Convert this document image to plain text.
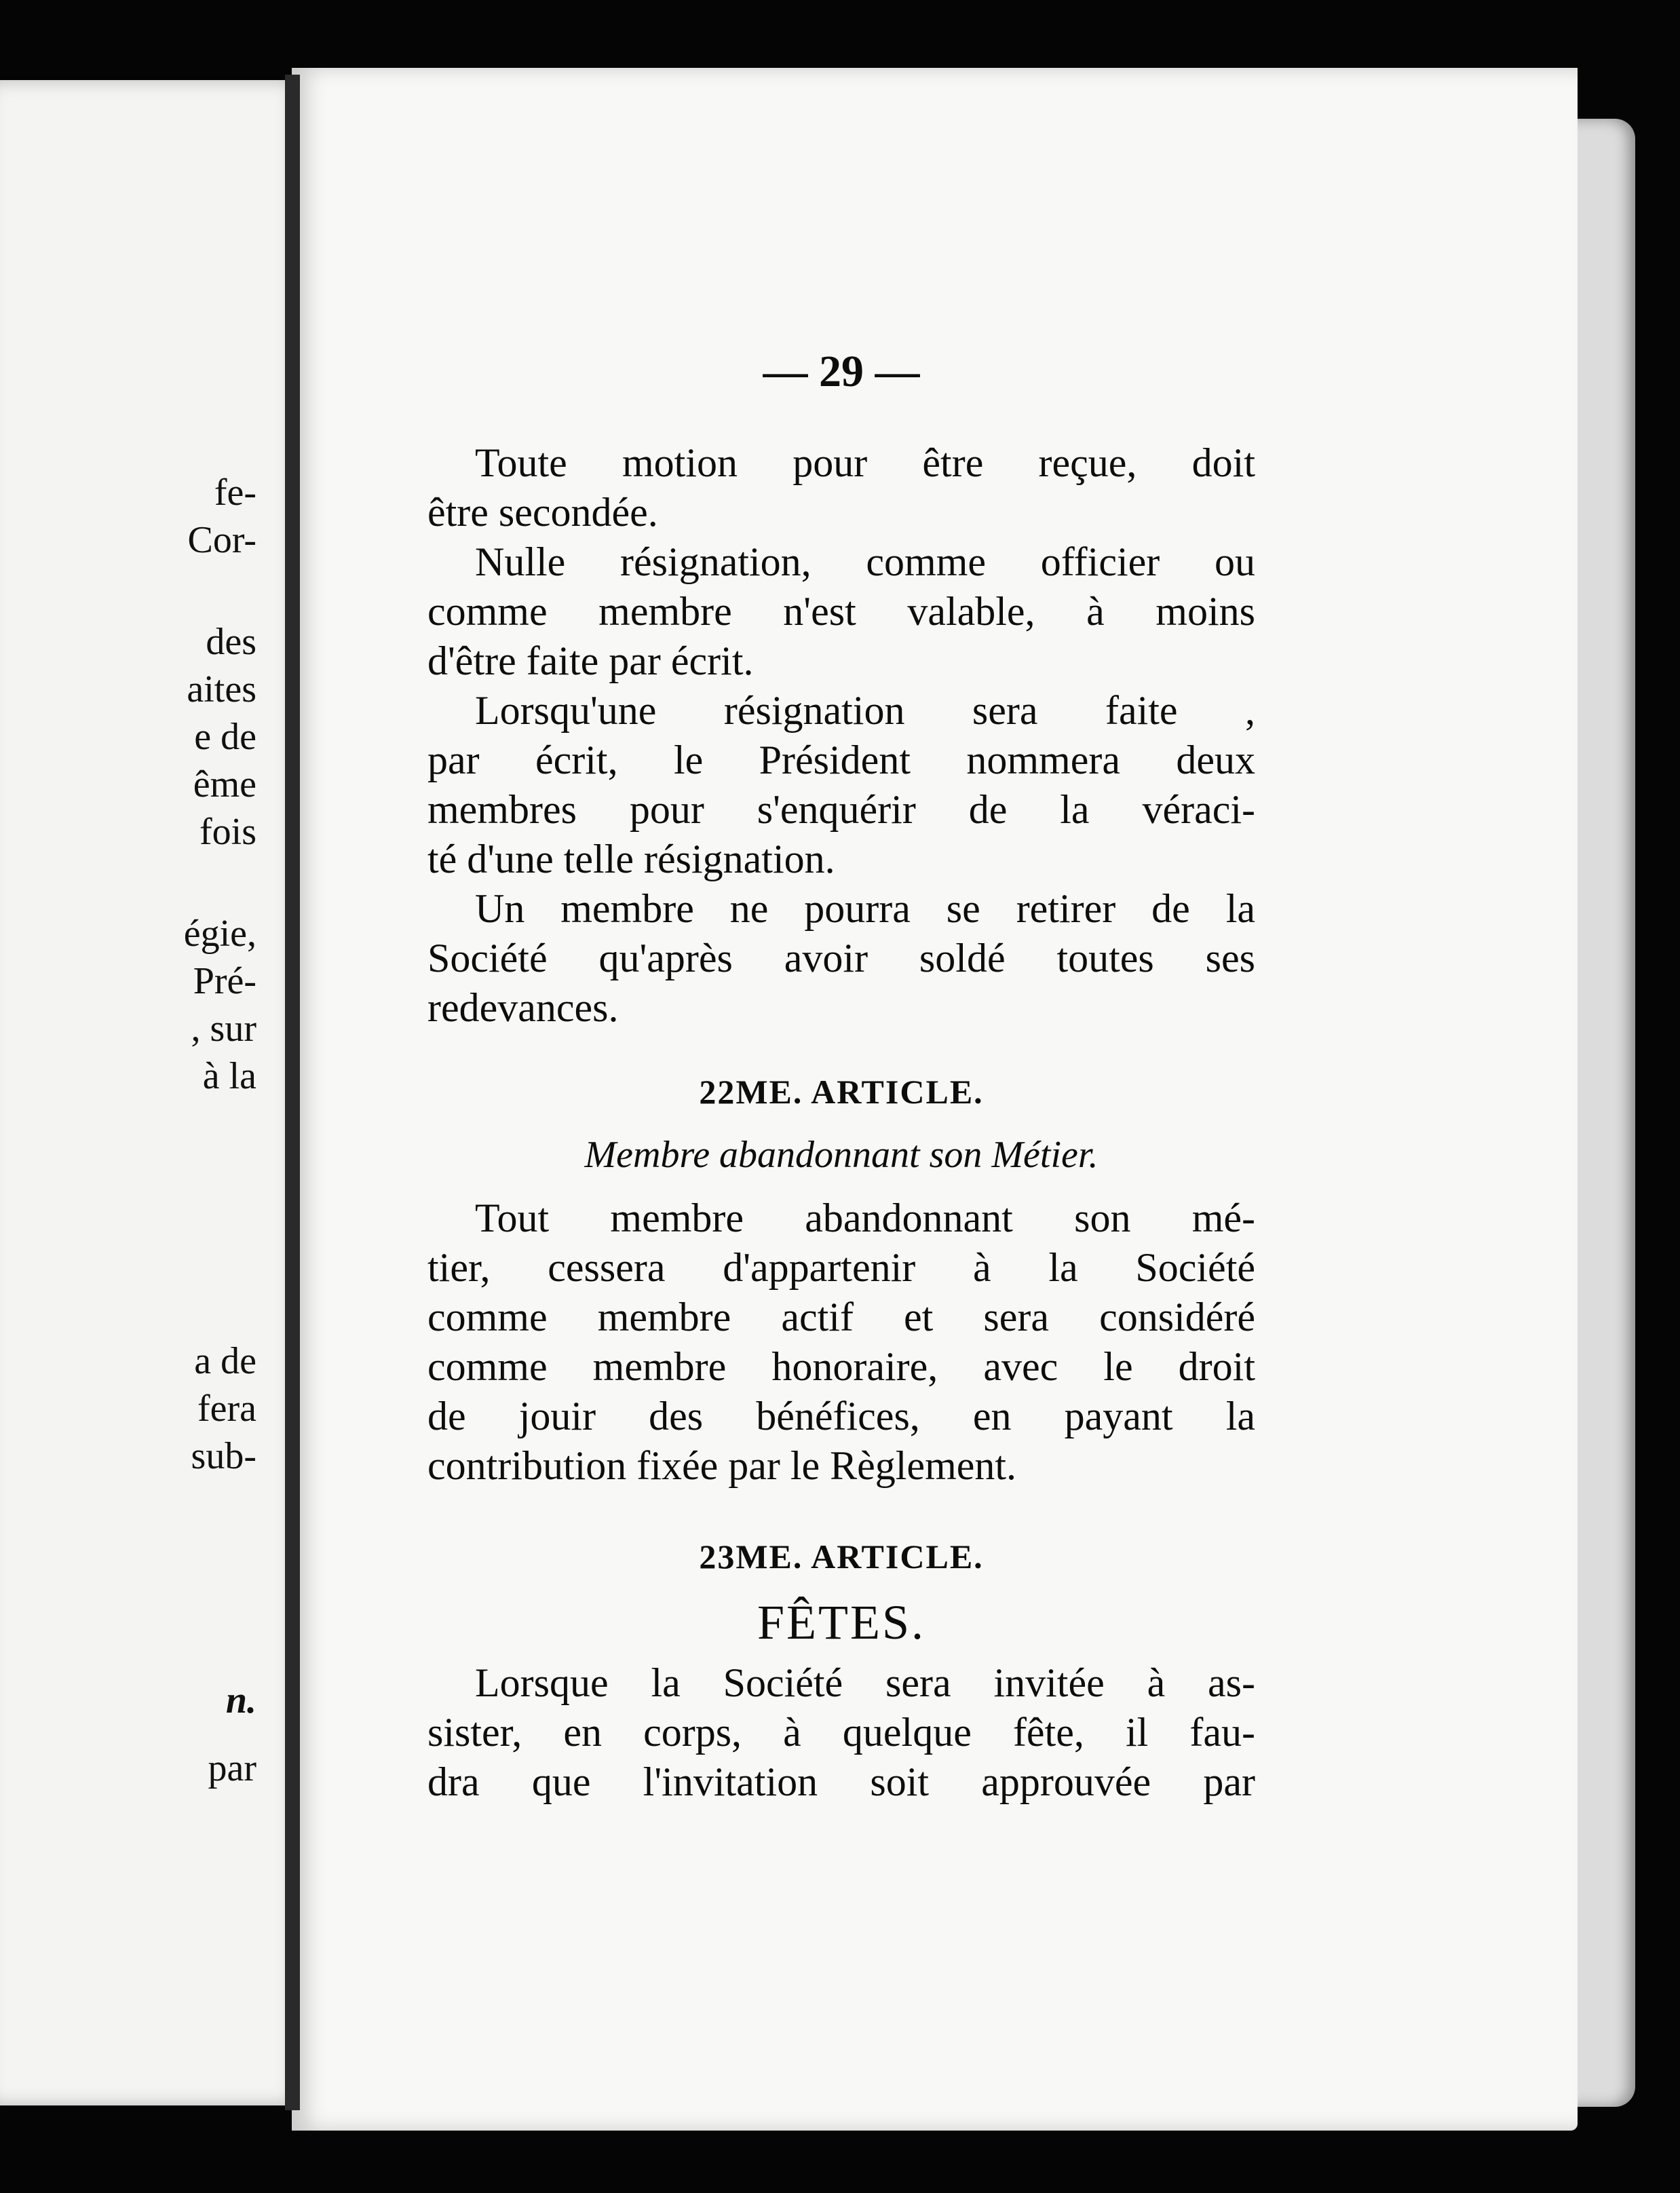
fe-
Cor-
des
aites
e de
ême
fois
égie,
Pré-
, sur
à la
a de
fera
sub-
n.
par
— 29 —
Toute motion pour être reçue, doit
être secondée.
Nulle résignation, comme officier ou
comme membre n'est valable, à moins
d'être faite par écrit.
Lorsqu'une résignation sera faite ,
par écrit, le Président nommera deux
membres pour s'enquérir de la véraci-
té d'une telle résignation.
Un membre ne pourra se retirer de la
Société qu'après avoir soldé toutes ses
redevances.
22ME. ARTICLE.
Membre abandonnant son Métier.
Tout membre abandonnant son mé-
tier, cessera d'appartenir à la Société
comme membre actif et sera considéré
comme membre honoraire, avec le droit
de jouir des bénéfices, en payant la
contribution fixée par le Règlement.
23ME. ARTICLE.
FÊTES.
Lorsque la Société sera invitée à as-
sister, en corps, à quelque fête, il fau-
dra que l'invitation soit approuvée par
